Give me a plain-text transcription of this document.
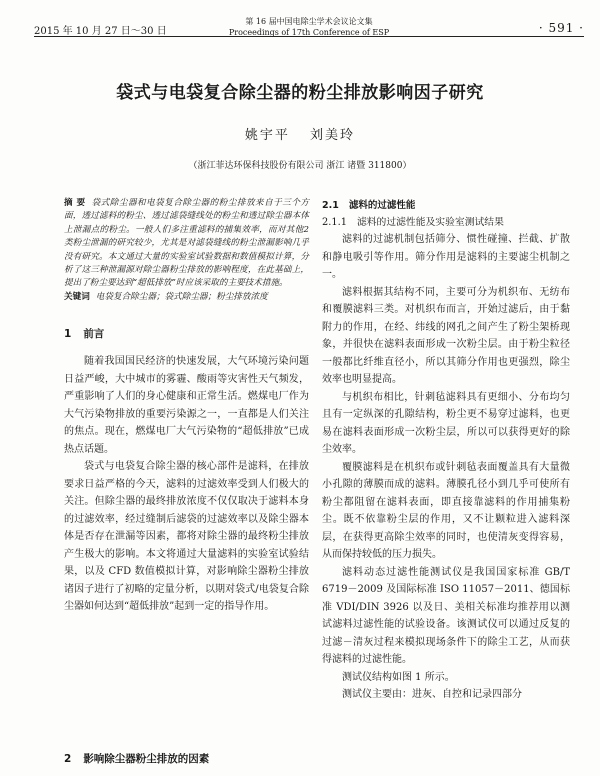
2015 年 10 月 27 日～30 日
第 16 届中国电除尘学术会议论文集
Proceedings of 17th Conference of ESP	· 591 ·
袋式与电袋复合除尘器的粉尘排放影响因子研究
姚宇平 刘美玲
（浙江菲达环保科技股份有限公司 浙江 诸暨 311800）
摘 要 袋式除尘器和电袋复合除尘器的粉尘排放来自于三个方面，透过滤料的粉尘、透过滤袋缝线处的粉尘和透过除尘器本体上泄漏点的粉尘。一般人们多注重滤料的捕集效率，而对其他2类粉尘泄漏的研究较少，尤其是对滤袋缝线的粉尘泄漏影响几乎没有研究。本文通过大量的实验室试验数据和数值模拟计算，分析了这三种泄漏源对除尘器粉尘排放的影响程度，在此基础上，提出了粉尘要达到“超低排放”时应该采取的主要技术措施。
关键词 电袋复合除尘器；袋式除尘器；粉尘排放浓度
1 前言

随着我国国民经济的快速发展，大气环境污染问题日益严峻，大中城市的雾霾、酸雨等灾害性天气频发，严重影响了人们的身心健康和正常生活。燃煤电厂作为大气污染物排放的重要污染源之一，一直都是人们关注的焦点。现在，燃煤电厂大气污染物的“超低排放”已成热点话题。

袋式与电袋复合除尘器的核心部件是滤料，在排放要求日益严格的今天，滤料的过滤效率受到人们极大的关注。但除尘器的最终排放浓度不仅仅取决于滤料本身的过滤效率，经过缝制后滤袋的过滤效率以及除尘器本体是否存在泄漏等因素，都将对除尘器的最终粉尘排放产生极大的影响。本文将通过大量滤料的实验室试验结果，以及 CFD 数值模拟计算，对影响除尘器粉尘排放诸因子进行了初略的定量分析，以期对袋式/电袋复合除尘器如何达到“超低排放”起到一定的指导作用。

2 影响除尘器粉尘排放的因素
2.1 滤料的过滤性能
2.1.1 滤料的过滤性能及实验室测试结果

滤料的过滤机制包括筛分、惯性碰撞、拦截、扩散和静电吸引等作用。筛分作用是滤料的主要滤尘机制之一。

滤料根据其结构不同，主要可分为机织布、无纺布和覆膜滤料三类。对机织布而言，开始过滤后，由于黏附力的作用，在经、纬线的网孔之间产生了粉尘架桥现象，并很快在滤料表面形成一次粉尘层。由于粉尘粒径一般都比纤维直径小，所以其筛分作用也更强烈，除尘效率也明显提高。

与机织布相比，针刺毡滤料具有更细小、分布均匀且有一定纵深的孔隙结构，粉尘更不易穿过滤料，也更易在滤料表面形成一次粉尘层，所以可以获得更好的除尘效率。

覆膜滤料是在机织布或针刺毡表面覆盖具有大量微小孔隙的薄膜而成的滤料。薄膜孔径小到几乎可使所有粉尘都阻留在滤料表面，即直接靠滤料的作用捕集粉尘。既不依靠粉尘层的作用，又不让颗粒进入滤料深层，在获得更高除尘效率的同时，也使清灰变得容易，从而保持较低的压力损失。

滤料动态过滤性能测试仪是我国国家标准 GB/T 6719－2009 及国际标准 ISO 11057－2011、德国标准 VDI/DIN 3926 以及日、美相关标准均推荐用以测试滤料过滤性能的试验设备。该测试仪可以通过反复的过滤－清灰过程来模拟现场条件下的除尘工艺，从而获得滤料的过滤性能。

测试仪结构如图 1 所示。

测试仪主要由：进灰、自控和记录四部分
